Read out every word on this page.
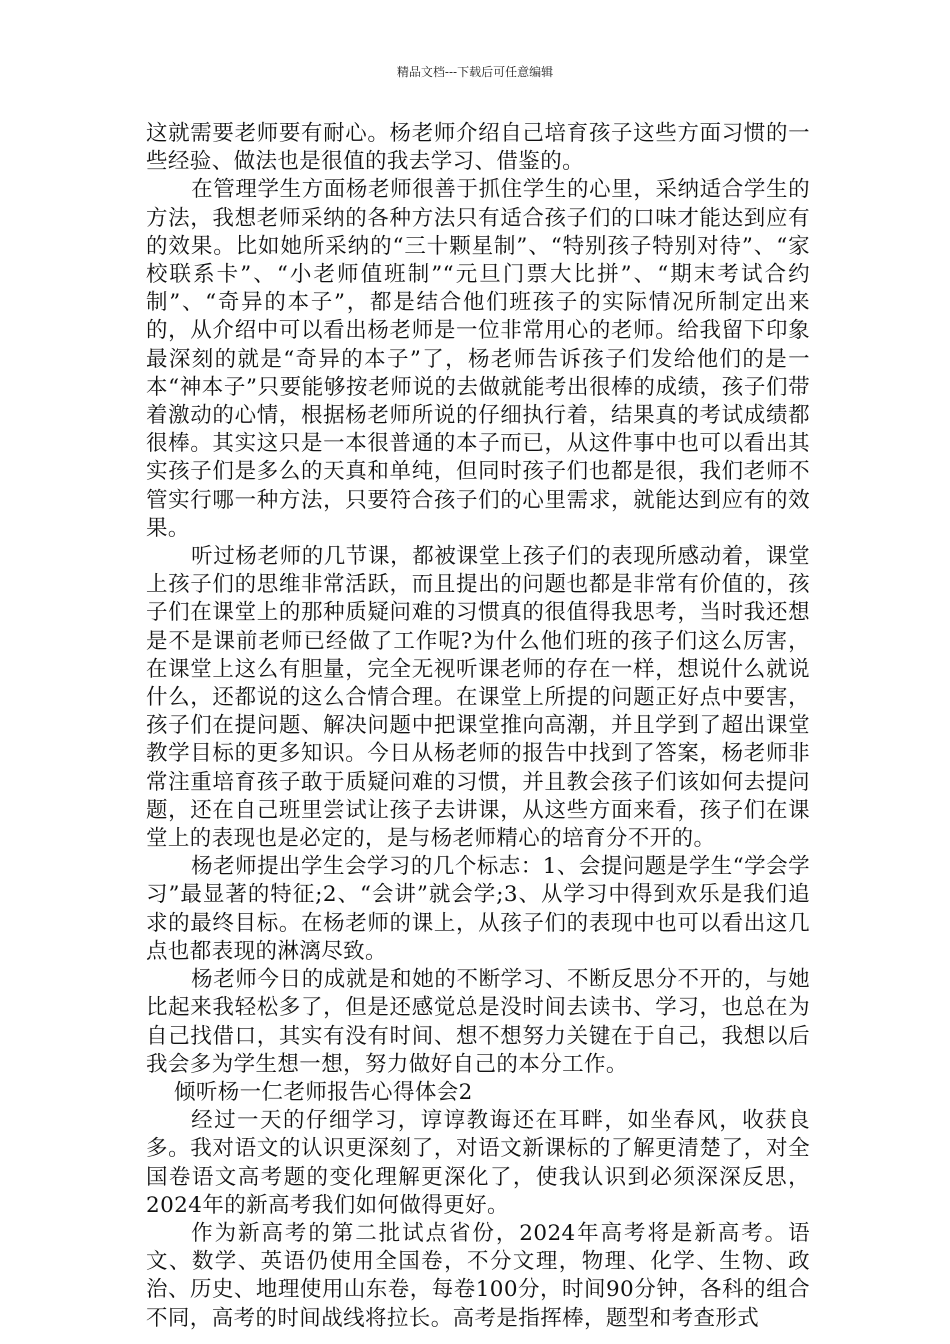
精品文档---下载后可任意编辑

这就需要老师要有耐心。杨老师介绍自己培育孩子这些方面习惯的一些经验、做法也是很值的我去学习、借鉴的。

在管理学生方面杨老师很善于抓住学生的心里，采纳适合学生的方法，我想老师采纳的各种方法只有适合孩子们的口味才能达到应有的效果。比如她所采纳的“三十颗星制”、“特别孩子特别对待”、“家校联系卡”、“小老师值班制”“元旦门票大比拼”、“期末考试合约制”、“奇异的本子”，都是结合他们班孩子的实际情况所制定出来的，从介绍中可以看出杨老师是一位非常用心的老师。给我留下印象最深刻的就是“奇异的本子”了，杨老师告诉孩子们发给他们的是一本“神本子”只要能够按老师说的去做就能考出很棒的成绩，孩子们带着激动的心情，根据杨老师所说的仔细执行着，结果真的考试成绩都很棒。其实这只是一本很普通的本子而已，从这件事中也可以看出其实孩子们是多么的天真和单纯，但同时孩子们也都是很，我们老师不管实行哪一种方法，只要符合孩子们的心里需求，就能达到应有的效果。

听过杨老师的几节课，都被课堂上孩子们的表现所感动着，课堂上孩子们的思维非常活跃，而且提出的问题也都是非常有价值的，孩子们在课堂上的那种质疑问难的习惯真的很值得我思考，当时我还想是不是课前老师已经做了工作呢?为什么他们班的孩子们这么厉害，在课堂上这么有胆量，完全无视听课老师的存在一样，想说什么就说什么，还都说的这么合情合理。在课堂上所提的问题正好点中要害，孩子们在提问题、解决问题中把课堂推向高潮，并且学到了超出课堂教学目标的更多知识。今日从杨老师的报告中找到了答案，杨老师非常注重培育孩子敢于质疑问难的习惯，并且教会孩子们该如何去提问题，还在自己班里尝试让孩子去讲课，从这些方面来看，孩子们在课堂上的表现也是必定的，是与杨老师精心的培育分不开的。

杨老师提出学生会学习的几个标志：1、会提问题是学生“学会学习”最显著的特征;2、“会讲”就会学;3、从学习中得到欢乐是我们追求的最终目标。在杨老师的课上，从孩子们的表现中也可以看出这几点也都表现的淋漓尽致。

杨老师今日的成就是和她的不断学习、不断反思分不开的，与她比起来我轻松多了，但是还感觉总是没时间去读书、学习，也总在为自己找借口，其实有没有时间、想不想努力关键在于自己，我想以后我会多为学生想一想，努力做好自己的本分工作。

倾听杨一仁老师报告心得体会2

经过一天的仔细学习，谆谆教诲还在耳畔，如坐春风，收获良多。我对语文的认识更深刻了，对语文新课标的了解更清楚了，对全国卷语文高考题的变化理解更深化了，使我认识到必须深深反思，2024年的新高考我们如何做得更好。

作为新高考的第二批试点省份，2024年高考将是新高考。语文、数学、英语仍使用全国卷，不分文理，物理、化学、生物、政治、历史、地理使用山东卷，每卷100分，时间90分钟，各科的组合不同，高考的时间战线将拉长。高考是指挥棒，题型和考查形式
